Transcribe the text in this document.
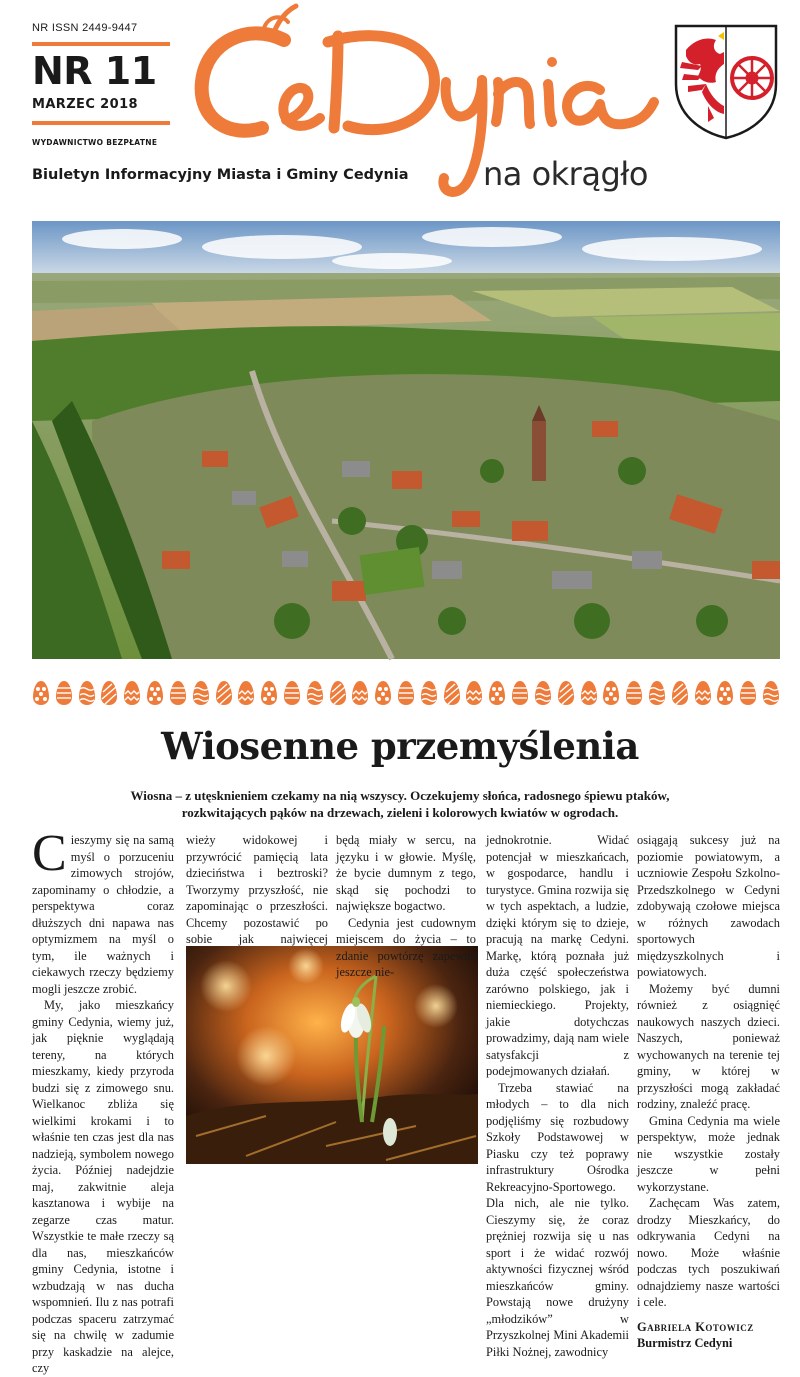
NR ISSN 2449-9447
NR 11
MARZEC 2018
WYDAWNICTWO BEZPŁATNE
Biuletyn Informacyjny Miasta i Gminy Cedynia na okrągło
Wiosenne przemyślenia
Wiosna – z utęsknieniem czekamy na nią wszyscy. Oczekujemy słońca, radosnego śpiewu ptaków, rozkwitających pąków na drzewach, zieleni i kolorowych kwiatów w ogrodach.

Cieszymy się na samą myśl o porzuceniu zimowych strojów, zapominamy o chłodzie, a perspektywa coraz dłuższych dni napawa nas optymizmem na myśl o tym, ile ważnych i ciekawych rzeczy będziemy mogli jeszcze zrobić.

My, jako mieszkańcy gminy Cedynia, wiemy już, jak pięknie wyglądają tereny, na których mieszkamy, kiedy przyroda budzi się z zimowego snu. Wielkanoc zbliża się wielkimi krokami i to właśnie ten czas jest dla nas nadzieją, symbolem nowego życia. Później nadejdzie maj, zakwitnie aleja kasztanowa i wybije na zegarze czas matur. Wszystkie te małe rzeczy są dla nas, mieszkańców gminy Cedynia, istotne i wzbudzają w nas ducha wspomnień. Ilu z nas potrafi podczas spaceru zatrzymać się na chwilę w zadumie przy kaskadzie na alejce, czy

wieży widokowej i przywrócić pamięcią lata dzieciństwa i beztroski? Tworzymy przyszłość, nie zapominając o przeszłości. Chcemy pozostawić po sobie jak najwięcej

będą miały w sercu, na języku i w głowie. Myślę, że bycie dumnym z tego, skąd się pochodzi to największe bogactwo.

Cedynia jest cudownym miejscem do życia – to zdanie powtórzę zapewne jeszcze nie-

jednokrotnie. Widać potencjał w mieszkańcach, w gospodarce, handlu i turystyce. Gmina rozwija się w tych aspektach, a ludzie, dzięki którym się to dzieje, pracują na markę Cedyni. Markę, którą poznała już duża część społeczeństwa zarówno polskiego, jak i niemieckiego. Projekty, jakie dotychczas prowadzimy, dają nam wiele satysfakcji z podejmowanych działań.

Trzeba stawiać na młodych – to dla nich podjęliśmy się rozbudowy Szkoły Podstawowej w Piasku czy też poprawy infrastruktury Ośrodka Rekreacyjno-Sportowego. Dla nich, ale nie tylko. Cieszymy się, że coraz prężniej rozwija się u nas sport i że widać rozwój aktywności fizycznej wśród mieszkańców gminy. Powstają nowe drużyny „młodzików” w Przyszkolnej Mini Akademii Piłki Nożnej, zawodnicy

osiągają sukcesy już na poziomie powiatowym, a uczniowie Zespołu Szkolno-Przedszkolnego w Cedyni zdobywają czołowe miejsca w różnych zawodach sportowych międzyszkolnych i powiatowych.

Możemy być dumni również z osiągnięć naukowych naszych dzieci. Naszych, ponieważ wychowanych na terenie tej gminy, w której w przyszłości mogą zakładać rodziny, znaleźć pracę.

Gmina Cedynia ma wiele perspektyw, może jednak nie wszystkie zostały jeszcze w pełni wykorzystane.

Zachęcam Was zatem, drodzy Mieszkańcy, do odkrywania Cedyni na nowo. Może właśnie podczas tych poszukiwań odnajdziemy nasze wartości i cele.

Gabriela Kotowicz

Burmistrz Cedyni
